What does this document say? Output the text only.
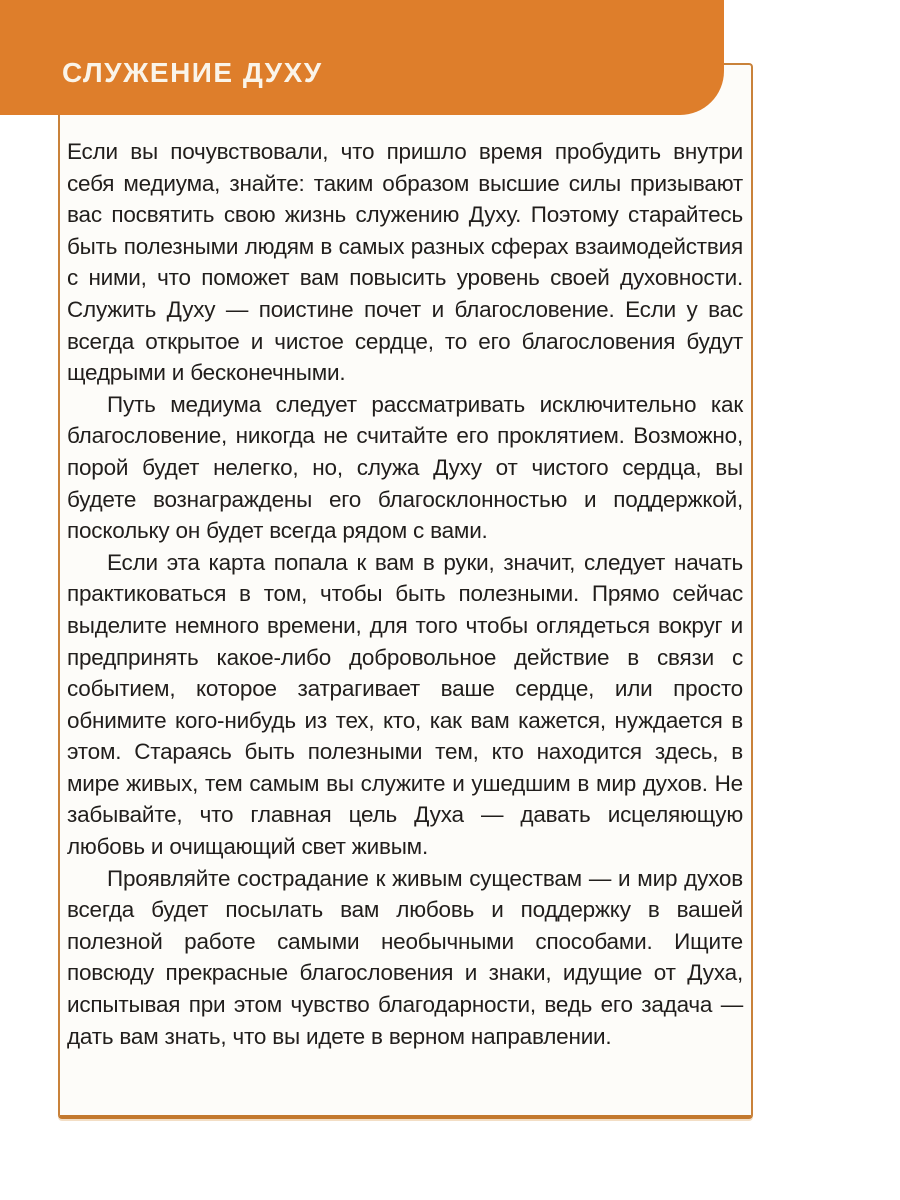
СЛУЖЕНИЕ ДУХУ

Если вы почувствовали, что пришло время пробудить внутри себя медиума, знайте: таким образом высшие силы призывают вас посвятить свою жизнь служению Духу. Поэтому старайтесь быть полезными людям в самых разных сферах взаимодействия с ними, что поможет вам повысить уровень своей духовности. Служить Духу — поистине почет и благословение. Если у вас всегда открытое и чистое сердце, то его благословения будут щедрыми и бесконечными.

Путь медиума следует рассматривать исключительно как благословение, никогда не считайте его проклятием. Возможно, порой будет нелегко, но, служа Духу от чистого сердца, вы будете вознаграждены его благосклонностью и поддержкой, поскольку он будет всегда рядом с вами.

Если эта карта попала к вам в руки, значит, следует начать практиковаться в том, чтобы быть полезными. Прямо сейчас выделите немного времени, для того чтобы оглядеться вокруг и предпринять какое-либо добровольное действие в связи с событием, которое затрагивает ваше сердце, или просто обнимите кого-нибудь из тех, кто, как вам кажется, нуждается в этом. Стараясь быть полезными тем, кто находится здесь, в мире живых, тем самым вы служите и ушедшим в мир духов. Не забывайте, что главная цель Духа — давать исцеляющую любовь и очищающий свет живым.

Проявляйте сострадание к живым существам — и мир духов всегда будет посылать вам любовь и поддержку в вашей полезной работе самыми необычными способами. Ищите повсюду прекрасные благословения и знаки, идущие от Духа, испытывая при этом чувство благодарности, ведь его задача — дать вам знать, что вы идете в верном направлении.
